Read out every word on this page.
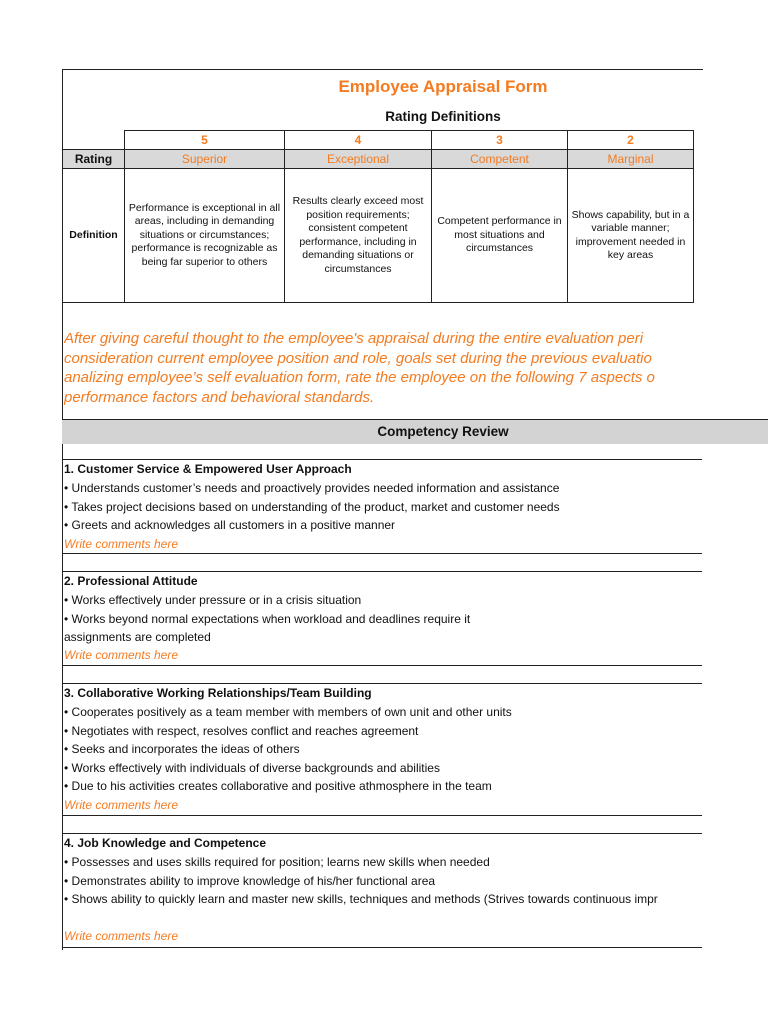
Employee Appraisal Form
Rating Definitions
	5	4	3	2
Rating	Superior	Exceptional	Competent	Marginal
Definition	Performance is exceptional in all areas, including in demanding situations or circumstances; performance is recognizable as being far superior to others	Results clearly exceed most position requirements; consistent competent performance, including in demanding situations or circumstances	Competent performance in most situations and circumstances	Shows capability, but in a variable manner; improvement needed in key areas
After giving careful thought to the employee's appraisal during the entire evaluation peri
consideration current employee position and role, goals set during the previous evaluatio
analizing employee’s self evaluation form, rate the employee on the following 7 aspects o
performance factors and behavioral standards.
Competency Review
1. Customer Service & Empowered User Approach
• Understands customer’s needs and proactively provides needed information and assistance
• Takes project decisions based on understanding of the product, market and customer needs
• Greets and acknowledges all customers in a positive manner
Write comments here
2. Professional Attitude
• Works effectively under pressure or in a crisis situation
• Works beyond normal expectations when workload and deadlines require it
assignments are completed
Write comments here
3. Collaborative Working Relationships/Team Building
• Cooperates positively as a team member with members of own unit and other units
• Negotiates with respect, resolves conflict and reaches agreement
• Seeks and incorporates the ideas of others
• Works effectively with individuals of diverse backgrounds and abilities
• Due to his activities creates collaborative and positive athmosphere in the team
Write comments here
4. Job Knowledge and Competence
• Possesses and uses skills required for position; learns new skills when needed
• Demonstrates ability to improve knowledge of his/her functional area
• Shows ability to quickly learn and master new skills, techniques and methods (Strives towards continuous impr
Write comments here
